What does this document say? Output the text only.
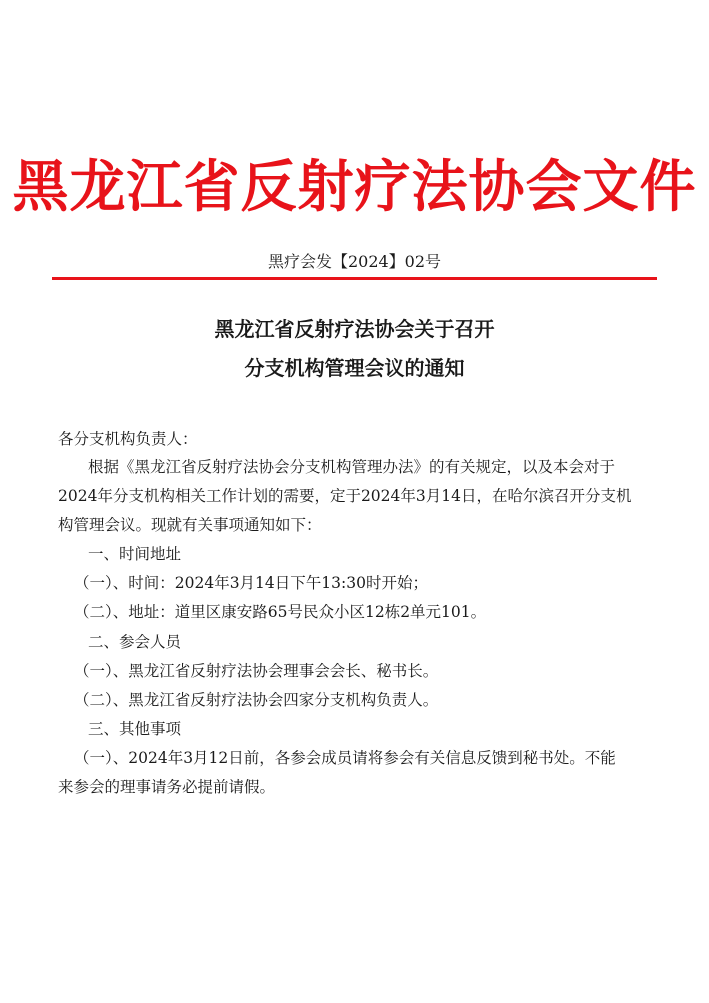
黑龙江省反射疗法协会文件
黑疗会发【2024】02号
黑龙江省反射疗法协会关于召开
分支机构管理会议的通知
各分支机构负责人：
根据《黑龙江省反射疗法协会分支机构管理办法》的有关规定，以及本会对于
2024年分支机构相关工作计划的需要，定于2024年3月14日，在哈尔滨召开分支机
构管理会议。现就有关事项通知如下：
一、时间地址
（一）、时间：2024年3月14日下午13:30时开始；
（二）、地址：道里区康安路65号民众小区12栋2单元101。
二、参会人员
（一）、黑龙江省反射疗法协会理事会会长、秘书长。
（二）、黑龙江省反射疗法协会四家分支机构负责人。
三、其他事项
（一）、2024年3月12日前，各参会成员请将参会有关信息反馈到秘书处。不能
来参会的理事请务必提前请假。
